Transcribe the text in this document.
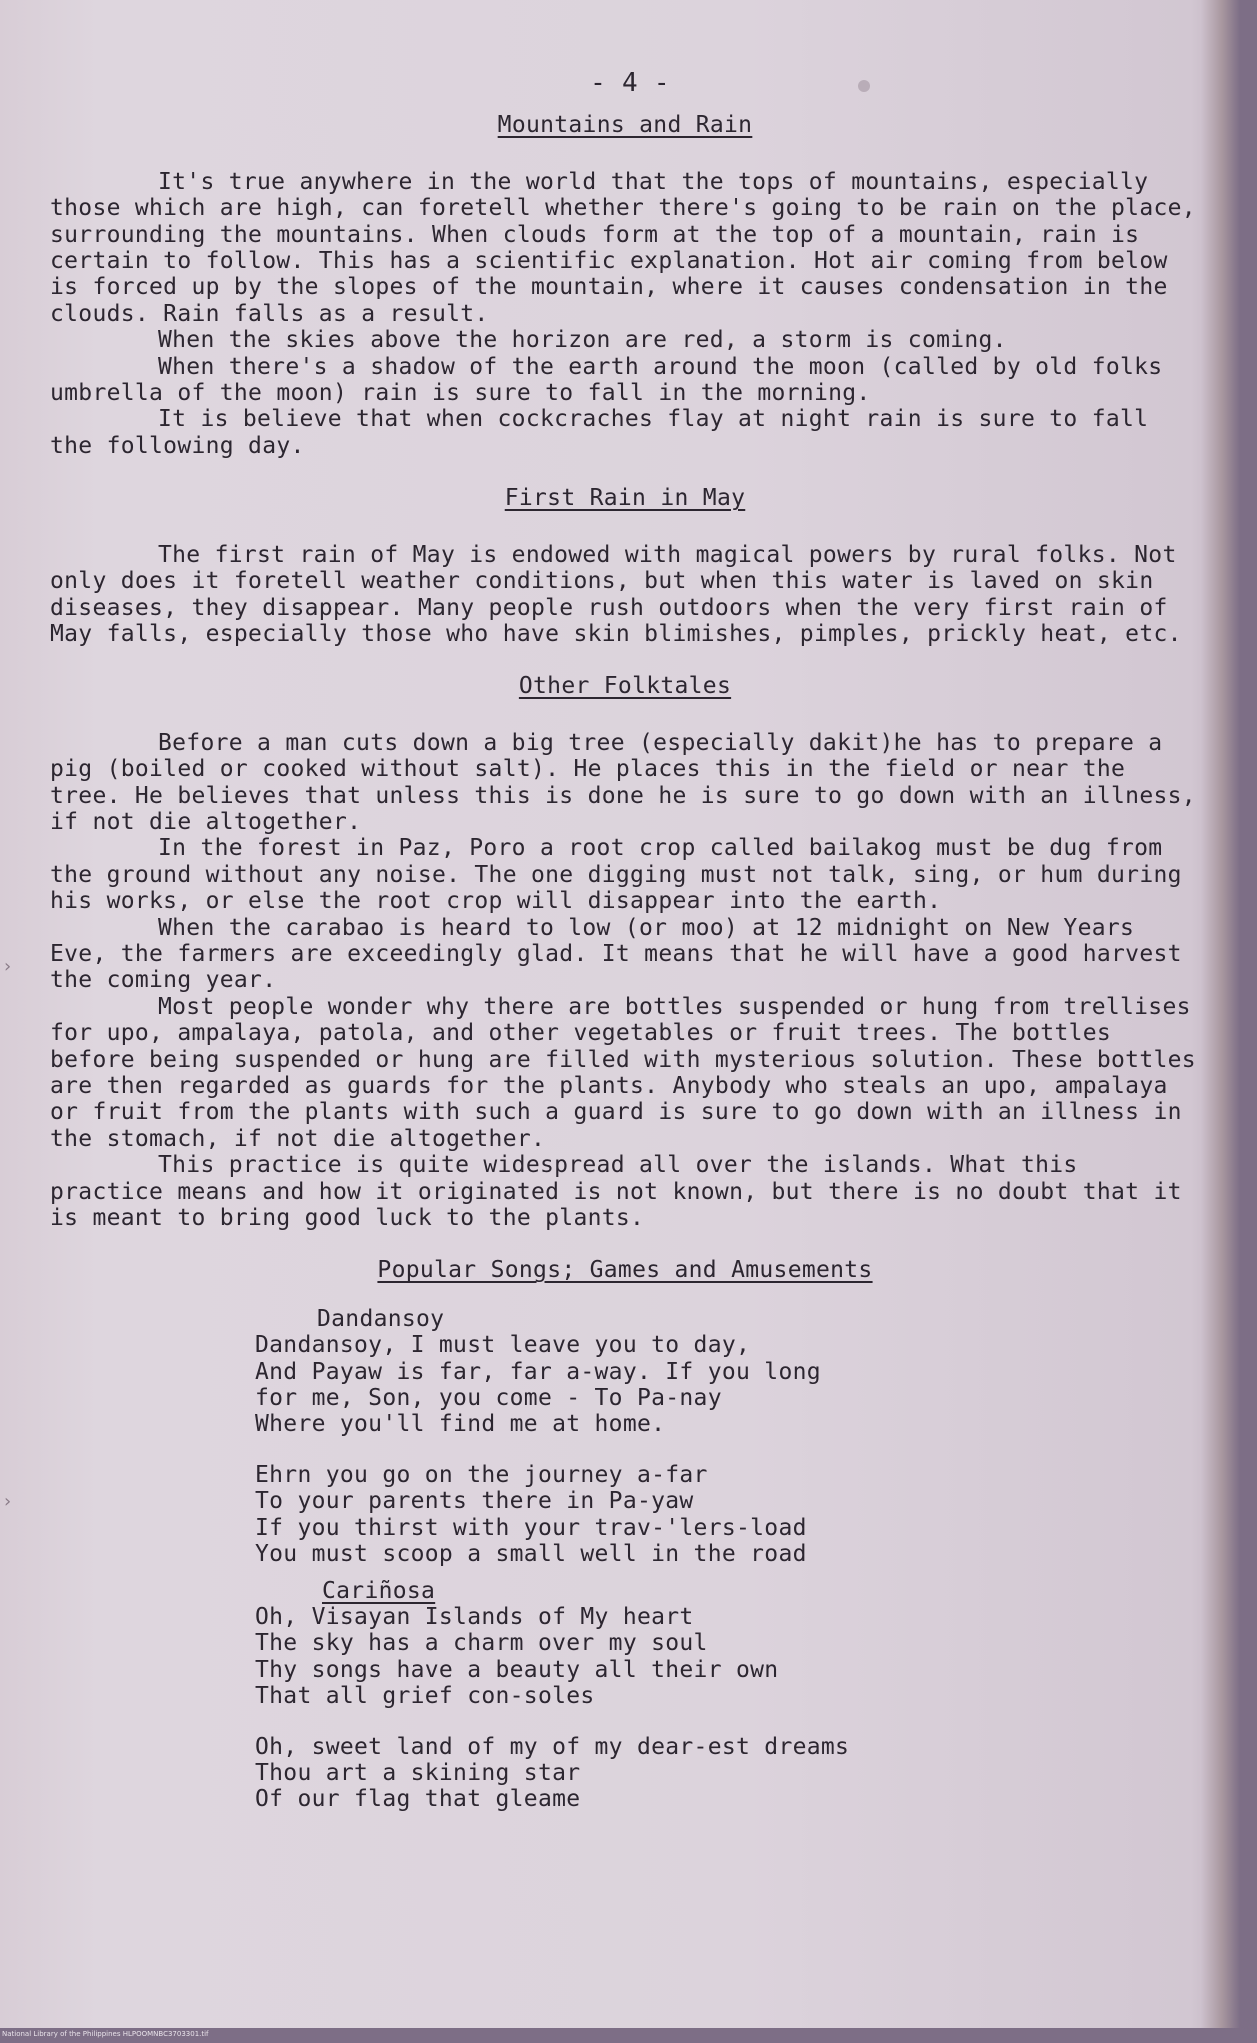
›
›
- 4 -
Mountains and Rain

It's true anywhere in the world that the tops of mountains, especially those which are high, can foretell whether there's going to be rain on the place, surrounding the mountains. When clouds form at the top of a mountain, rain is certain to follow. This has a scientific explanation. Hot air coming from below is forced up by the slopes of the mountain, where it causes condensation in the clouds. Rain falls as a result.

When the skies above the horizon are red, a storm is coming.

When there's a shadow of the earth around the moon (called by old folks umbrella of the moon) rain is sure to fall in the morning.

It is believe that when cockcraches flay at night rain is sure to fall the following day.

First Rain in May

The first rain of May is endowed with magical powers by rural folks. Not only does it foretell weather conditions, but when this water is laved on skin diseases, they disappear. Many people rush outdoors when the very first rain of May falls, especially those who have skin blimishes, pimples, prickly heat, etc.

Other Folktales

Before a man cuts down a big tree (especially dakit)he has to prepare a pig (boiled or cooked without salt). He places this in the field or near the tree. He believes that unless this is done he is sure to go down with an illness, if not die altogether.

In the forest in Paz, Poro a root crop called bailakog must be dug from the ground without any noise. The one digging must not talk, sing, or hum during his works, or else the root crop will disappear into the earth.

When the carabao is heard to low (or moo) at 12 midnight on New Years Eve, the farmers are exceedingly glad. It means that he will have a good harvest the coming year.

Most people wonder why there are bottles suspended or hung from trellises for upo, ampalaya, patola, and other vegetables or fruit trees. The bottles before being suspended or hung are filled with mysterious solution. These bottles are then regarded as guards for the plants. Anybody who steals an upo, ampalaya or fruit from the plants with such a guard is sure to go down with an illness in the stomach, if not die altogether.

This practice is quite widespread all over the islands. What this practice means and how it originated is not known, but there is no doubt that it is meant to bring good luck to the plants.

Popular Songs; Games and Amusements
Dandansoy
Dandansoy, I must leave you to day,
And Payaw is far, far a-way. If you long
for me, Son, you come - To Pa-nay
Where you'll find me at home.
Ehrn you go on the journey a-far
To your parents there in Pa-yaw
If you thirst with your trav-'lers-load
You must scoop a small well in the road
Cariñosa
Oh, Visayan Islands of My heart
The sky has a charm over my soul
Thy songs have a beauty all their own
That all grief con-soles
Oh, sweet land of my of my dear-est dreams
Thou art a skining star
Of our flag that gleame
National Library of the Philippines HLPOOMNBC3703301.tif
